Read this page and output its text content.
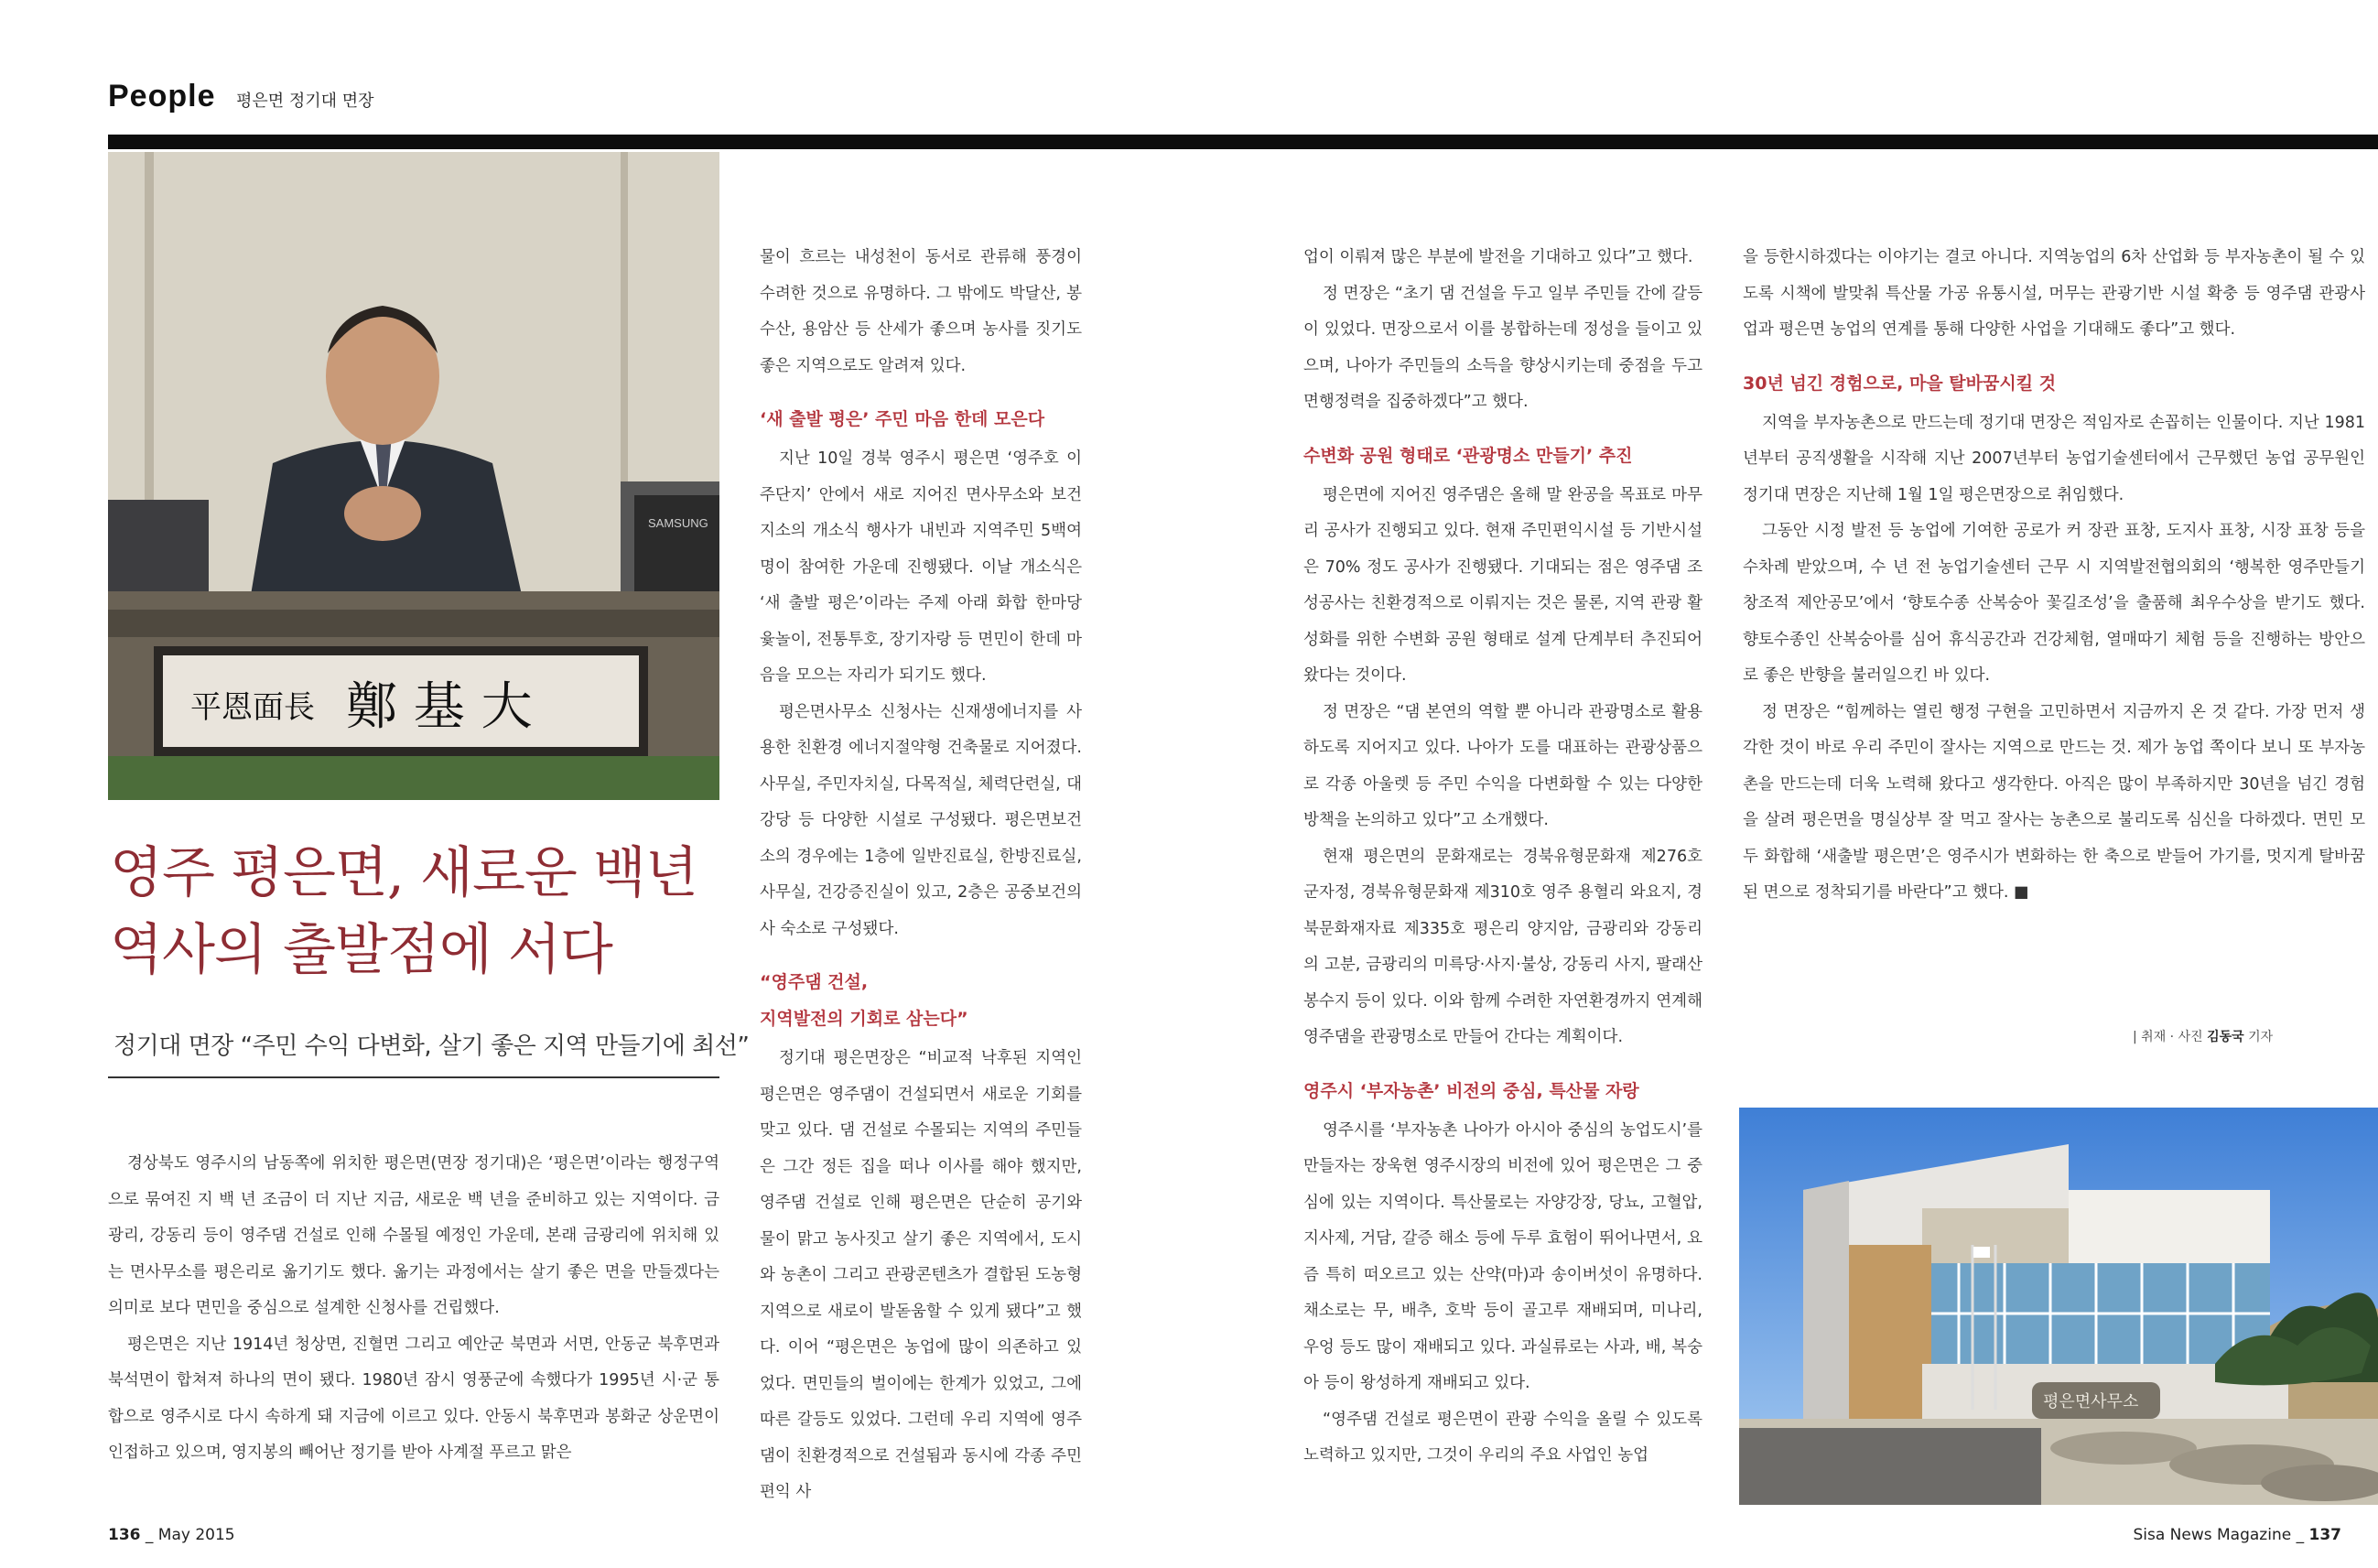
People 평은면 정기대 면장
SAMSUNG
平恩面長 鄭 基 大
영주 평은면, 새로운 백년
역사의 출발점에 서다
정기대 면장 “주민 수익 다변화, 살기 좋은 지역 만들기에 최선”

경상북도 영주시의 남동쪽에 위치한 평은면(면장 정기대)은 ‘평은면’이라는 행정구역으로 묶여진 지 백 년 조금이 더 지난 지금, 새로운 백 년을 준비하고 있는 지역이다. 금광리, 강동리 등이 영주댐 건설로 인해 수몰될 예정인 가운데, 본래 금광리에 위치해 있는 면사무소를 평은리로 옮기기도 했다. 옮기는 과정에서는 살기 좋은 면을 만들겠다는 의미로 보다 면민을 중심으로 설계한 신청사를 건립했다.

평은면은 지난 1914년 청상면, 진혈면 그리고 예안군 북면과 서면, 안동군 북후면과 북석면이 합쳐져 하나의 면이 됐다. 1980년 잠시 영풍군에 속했다가 1995년 시·군 통합으로 영주시로 다시 속하게 돼 지금에 이르고 있다. 안동시 북후면과 봉화군 상운면이 인접하고 있으며, 영지봉의 빼어난 정기를 받아 사계절 푸르고 맑은

물이 흐르는 내성천이 동서로 관류해 풍경이 수려한 것으로 유명하다. 그 밖에도 박달산, 봉수산, 용암산 등 산세가 좋으며 농사를 짓기도 좋은 지역으로도 알려져 있다.

‘새 출발 평은’ 주민 마음 한데 모은다

지난 10일 경북 영주시 평은면 ‘영주호 이주단지’ 안에서 새로 지어진 면사무소와 보건지소의 개소식 행사가 내빈과 지역주민 5백여 명이 참여한 가운데 진행됐다. 이날 개소식은 ‘새 출발 평은’이라는 주제 아래 화합 한마당 윷놀이, 전통투호, 장기자랑 등 면민이 한데 마음을 모으는 자리가 되기도 했다.

평은면사무소 신청사는 신재생에너지를 사용한 친환경 에너지절약형 건축물로 지어졌다. 사무실, 주민자치실, 다목적실, 체력단련실, 대강당 등 다양한 시설로 구성됐다. 평은면보건소의 경우에는 1층에 일반진료실, 한방진료실, 사무실, 건강증진실이 있고, 2층은 공중보건의사 숙소로 구성됐다.

“영주댐 건설,
지역발전의 기회로 삼는다”

정기대 평은면장은 “비교적 낙후된 지역인 평은면은 영주댐이 건설되면서 새로운 기회를 맞고 있다. 댐 건설로 수몰되는 지역의 주민들은 그간 정든 집을 떠나 이사를 해야 했지만, 영주댐 건설로 인해 평은면은 단순히 공기와 물이 맑고 농사짓고 살기 좋은 지역에서, 도시와 농촌이 그리고 관광콘텐츠가 결합된 도농형 지역으로 새로이 발돋움할 수 있게 됐다”고 했다. 이어 “평은면은 농업에 많이 의존하고 있었다. 면민들의 벌이에는 한계가 있었고, 그에 따른 갈등도 있었다. 그런데 우리 지역에 영주댐이 친환경적으로 건설됨과 동시에 각종 주민편익 사

업이 이뤄져 많은 부분에 발전을 기대하고 있다”고 했다.

정 면장은 “초기 댐 건설을 두고 일부 주민들 간에 갈등이 있었다. 면장으로서 이를 봉합하는데 정성을 들이고 있으며, 나아가 주민들의 소득을 향상시키는데 중점을 두고 면행정력을 집중하겠다”고 했다.

수변화 공원 형태로 ‘관광명소 만들기’ 추진

평은면에 지어진 영주댐은 올해 말 완공을 목표로 마무리 공사가 진행되고 있다. 현재 주민편익시설 등 기반시설은 70% 정도 공사가 진행됐다. 기대되는 점은 영주댐 조성공사는 친환경적으로 이뤄지는 것은 물론, 지역 관광 활성화를 위한 수변화 공원 형태로 설계 단계부터 추진되어 왔다는 것이다.

정 면장은 “댐 본연의 역할 뿐 아니라 관광명소로 활용하도록 지어지고 있다. 나아가 도를 대표하는 관광상품으로 각종 아울렛 등 주민 수익을 다변화할 수 있는 다양한 방책을 논의하고 있다”고 소개했다.

현재 평은면의 문화재로는 경북유형문화재 제276호 군자정, 경북유형문화재 제310호 영주 용혈리 와요지, 경북문화재자료 제335호 평은리 양지암, 금광리와 강동리의 고분, 금광리의 미륵당·사지·불상, 강동리 사지, 팔래산 봉수지 등이 있다. 이와 함께 수려한 자연환경까지 연계해 영주댐을 관광명소로 만들어 간다는 계획이다.

영주시 ‘부자농촌’ 비전의 중심, 특산물 자랑

영주시를 ‘부자농촌 나아가 아시아 중심의 농업도시’를 만들자는 장욱현 영주시장의 비전에 있어 평은면은 그 중심에 있는 지역이다. 특산물로는 자양강장, 당뇨, 고혈압, 지사제, 거담, 갈증 해소 등에 두루 효험이 뛰어나면서, 요즘 특히 떠오르고 있는 산약(마)과 송이버섯이 유명하다. 채소로는 무, 배추, 호박 등이 골고루 재배되며, 미나리, 우엉 등도 많이 재배되고 있다. 과실류로는 사과, 배, 복숭아 등이 왕성하게 재배되고 있다.

“영주댐 건설로 평은면이 관광 수익을 올릴 수 있도록 노력하고 있지만, 그것이 우리의 주요 사업인 농업

을 등한시하겠다는 이야기는 결코 아니다. 지역농업의 6차 산업화 등 부자농촌이 될 수 있도록 시책에 발맞춰 특산물 가공 유통시설, 머무는 관광기반 시설 확충 등 영주댐 관광사업과 평은면 농업의 연계를 통해 다양한 사업을 기대해도 좋다”고 했다.

30년 넘긴 경험으로, 마을 탈바꿈시킬 것

지역을 부자농촌으로 만드는데 정기대 면장은 적임자로 손꼽히는 인물이다. 지난 1981년부터 공직생활을 시작해 지난 2007년부터 농업기술센터에서 근무했던 농업 공무원인 정기대 면장은 지난해 1월 1일 평은면장으로 취임했다.

그동안 시정 발전 등 농업에 기여한 공로가 커 장관 표창, 도지사 표창, 시장 표창 등을 수차례 받았으며, 수 년 전 농업기술센터 근무 시 지역발전협의회의 ‘행복한 영주만들기 창조적 제안공모’에서 ‘향토수종 산복숭아 꽃길조성’을 출품해 최우수상을 받기도 했다. 향토수종인 산복숭아를 심어 휴식공간과 건강체험, 열매따기 체험 등을 진행하는 방안으로 좋은 반향을 불러일으킨 바 있다.

정 면장은 “힘께하는 열린 행정 구현을 고민하면서 지금까지 온 것 같다. 가장 먼저 생각한 것이 바로 우리 주민이 잘사는 지역으로 만드는 것. 제가 농업 쪽이다 보니 또 부자농촌을 만드는데 더욱 노력해 왔다고 생각한다. 아직은 많이 부족하지만 30년을 넘긴 경험을 살려 평은면을 명실상부 잘 먹고 잘사는 농촌으로 불리도록 심신을 다하겠다. 면민 모두 화합해 ‘새출발 평은면’은 영주시가 변화하는 한 축으로 받들어 가기를, 멋지게 탈바꿈된 면으로 정착되기를 바란다”고 했다. ■

| 취재 · 사진 김동국 기자
평은면사무소
136 _ May 2015	Sisa News Magazine _ 137
